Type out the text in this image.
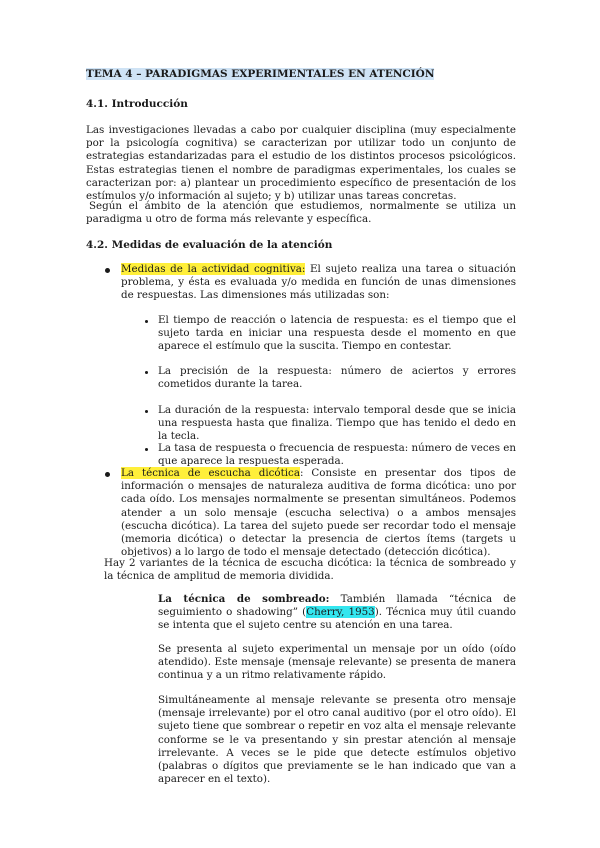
TEMA 4 – PARADIGMAS EXPERIMENTALES EN ATENCIÓN
4.1. Introducción
Las investigaciones llevadas a cabo por cualquier disciplina (muy especialmente por la psicología cognitiva) se caracterizan por utilizar todo un conjunto de estrategias estandarizadas para el estudio de los distintos procesos psicológicos. Estas estrategias tienen el nombre de paradigmas experimentales, los cuales se caracterizan por: a) plantear un procedimiento específico de presentación de los estímulos y/o información al sujeto; y b) utilizar unas tareas concretas.
Según el ámbito de la atención que estudiemos, normalmente se utiliza un paradigma u otro de forma más relevante y específica.
4.2. Medidas de evaluación de la atención
Medidas de la actividad cognitiva: El sujeto realiza una tarea o situación problema, y ésta es evaluada y/o medida en función de unas dimensiones de respuestas. Las dimensiones más utilizadas son:
El tiempo de reacción o latencia de respuesta: es el tiempo que el sujeto tarda en iniciar una respuesta desde el momento en que aparece el estímulo que la suscita. Tiempo en contestar.
La precisión de la respuesta: número de aciertos y errores cometidos durante la tarea.
La duración de la respuesta: intervalo temporal desde que se inicia una respuesta hasta que finaliza. Tiempo que has tenido el dedo en la tecla.
La tasa de respuesta o frecuencia de respuesta: número de veces en que aparece la respuesta esperada.
La técnica de escucha dicótica: Consiste en presentar dos tipos de información o mensajes de naturaleza auditiva de forma dicótica: uno por cada oído. Los mensajes normalmente se presentan simultáneos. Podemos atender a un solo mensaje (escucha selectiva) o a ambos mensajes (escucha dicótica). La tarea del sujeto puede ser recordar todo el mensaje (memoria dicótica) o detectar la presencia de ciertos ítems (targets u objetivos) a lo largo de todo el mensaje detectado (detección dicótica).
Hay 2 variantes de la técnica de escucha dicótica: la técnica de sombreado y la técnica de amplitud de memoria dividida.
La técnica de sombreado: También llamada “técnica de seguimiento o shadowing” (Cherry, 1953). Técnica muy útil cuando se intenta que el sujeto centre su atención en una tarea.
Se presenta al sujeto experimental un mensaje por un oído (oído atendido). Este mensaje (mensaje relevante) se presenta de manera continua y a un ritmo relativamente rápido.
Simultáneamente al mensaje relevante se presenta otro mensaje (mensaje irrelevante) por el otro canal auditivo (por el otro oído). El sujeto tiene que sombrear o repetir en voz alta el mensaje relevante conforme se le va presentando y sin prestar atención al mensaje irrelevante. A veces se le pide que detecte estímulos objetivo (palabras o dígitos que previamente se le han indicado que van a aparecer en el texto).
